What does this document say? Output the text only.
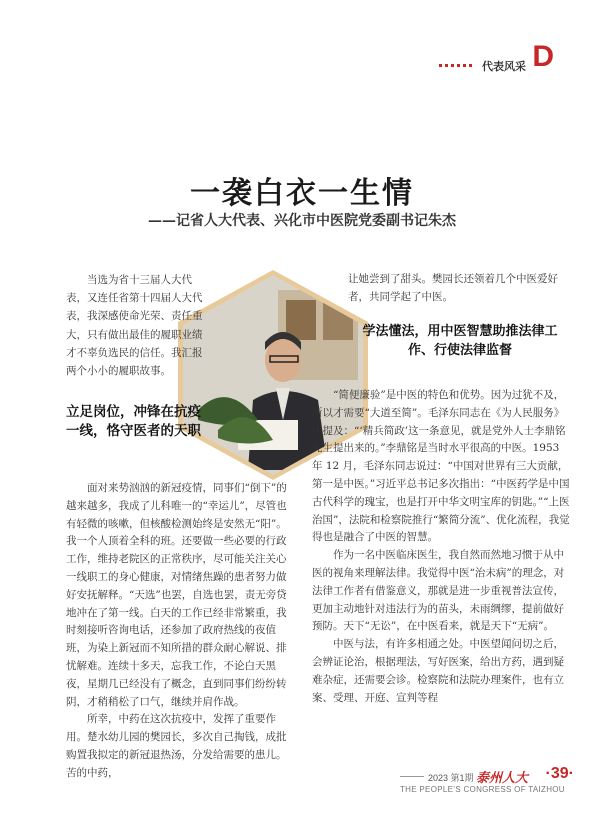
代表风采 D
一袭白衣一生情
——记省人大代表、兴化市中医院党委副书记朱杰

当选为省十三届人大代表，又连任省第十四届人大代表，我深感使命光荣、责任重大，只有做出最佳的履职业绩才不辜负选民的信任。我汇报两个小小的履职故事。

立足岗位，冲锋在抗疫一线，恪守医者的天职

面对来势汹汹的新冠疫情，同事们“倒下”的越来越多，我成了儿科唯一的“幸运儿”，尽管也有轻微的咳嗽，但核酸检测始终是安然无“阳”。我一个人顶着全科的班。还要做一些必要的行政工作，维持老院区的正常秩序，尽可能关注关心一线职工的身心健康，对情绪焦躁的患者努力做好安抚解释。“天选”也罢，自选也罢，责无旁贷地冲在了第一线。白天的工作已经非常繁重，我时刻接听咨询电话，还参加了政府热线的夜值班，为染上新冠而不知所措的群众耐心解说、排忧解难。连续十多天，忘我工作，不论白天黑夜，星期几已经没有了概念，直到同事们纷纷转阴，才稍稍松了口气，继续并肩作战。

所幸，中药在这次抗疫中，发挥了重要作用。楚水幼儿园的樊园长，多次自己掏钱，成批购置我拟定的新冠退热汤，分发给需要的患儿。苦的中药，

让她尝到了甜头。樊园长还领着几个中医爱好者，共同学起了中医。

学法懂法，用中医智慧助推法律工作、行使法律监督

“简便廉验”是中医的特色和优势。因为过犹不及，所以才需要“大道至简”。毛泽东同志在《为人民服务》中提及：“‘精兵简政’这一条意见，就是党外人士李鼎铭先生提出来的。”李鼎铭是当时水平很高的中医。1953 年 12 月，毛泽东同志说过：“中国对世界有三大贡献，第一是中医。”习近平总书记多次指出：“中医药学是中国古代科学的瑰宝，也是打开中华文明宝库的钥匙。”“上医治国”，法院和检察院推行“繁简分流”、优化流程，我觉得也是融合了中医的智慧。

作为一名中医临床医生，我自然而然地习惯于从中医的视角来理解法律。我觉得中医“治未病”的理念，对法律工作者有借鉴意义，那就是进一步重视普法宣传，更加主动地针对违法行为的苗头，未雨绸缪，提前做好预防。天下“无讼”，在中医看来，就是天下“无病”。

中医与法，有许多相通之处。中医望闻问切之后，会辨证论治，根据理法，写好医案，给出方药，遇到疑难杂症，还需要会诊。检察院和法院办理案件，也有立案、受理、开庭、宣判等程

2023 第1期 泰州人大 ·39·
THE PEOPLE’S CONGRESS OF TAIZHOU
